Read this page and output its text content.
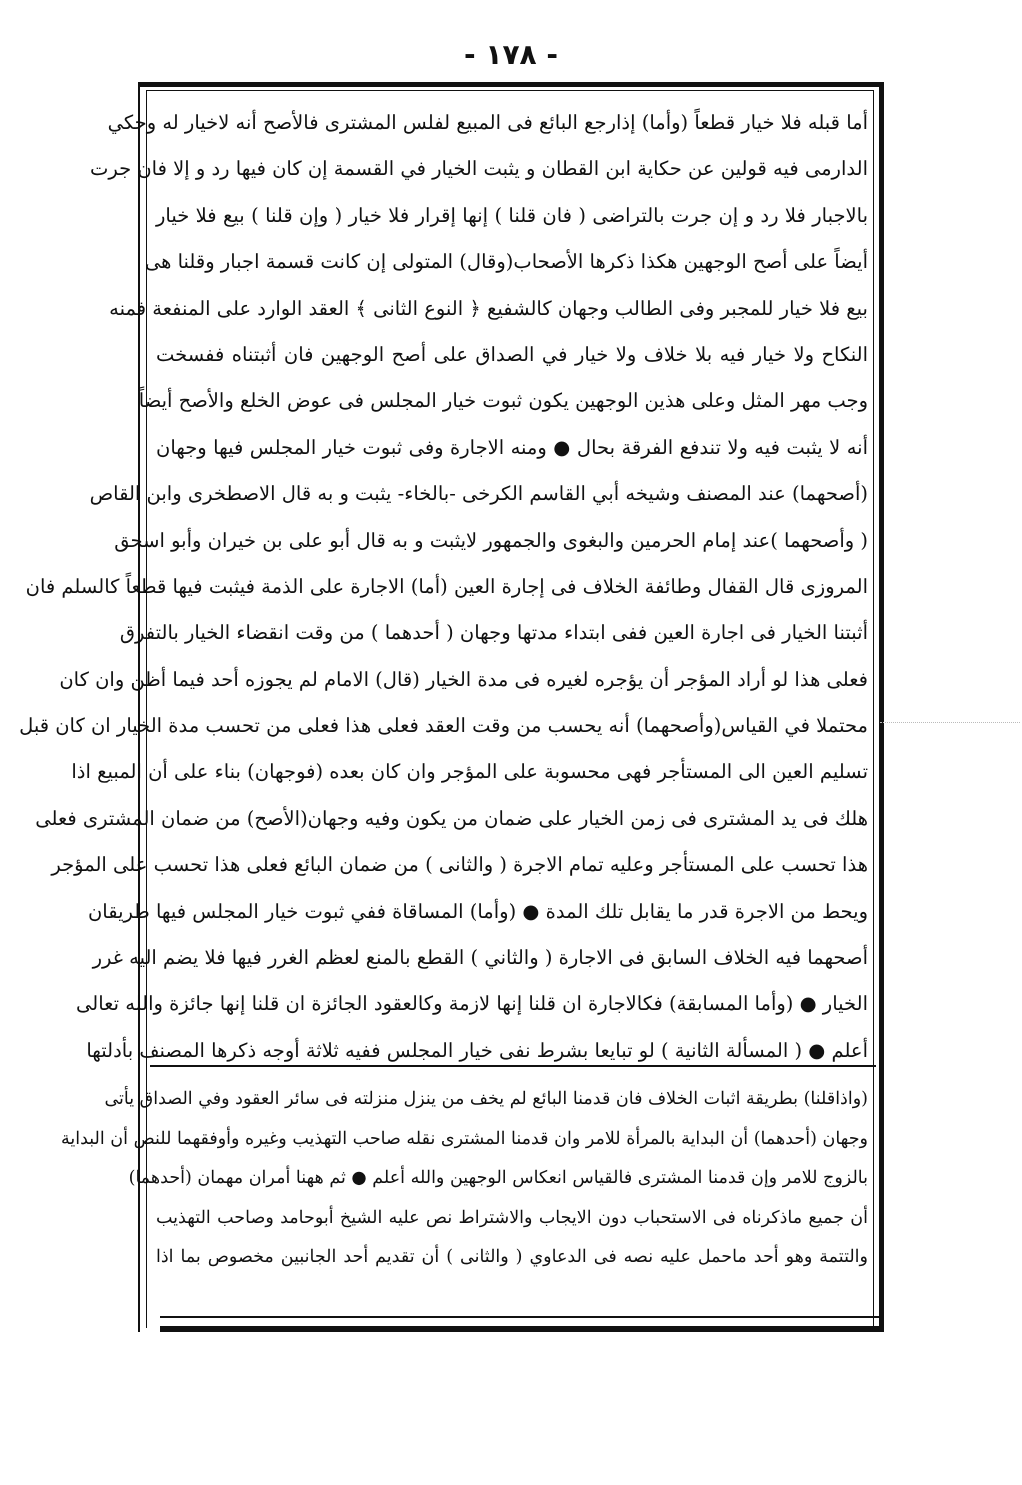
- ١٧٨ -
أما قبله فلا خيار قطعاً (وأما) إذارجع البائع فى المبيع لفلس المشترى فالأصح أنه لاخيار له وحكي
الدارمى فيه قولين عن حكاية ابن القطان و يثبت الخيار في القسمة إن كان فيها رد و إلا فان جرت
بالاجبار فلا رد و إن جرت بالتراضى ( فان قلنا ) إنها إقرار فلا خيار ( وإن قلنا ) بيع فلا خيار
أيضاً على أصح الوجهين هكذا ذكرها الأصحاب(وقال) المتولى إن كانت قسمة اجبار وقلنا هى
بيع فلا خيار للمجبر وفى الطالب وجهان كالشفيع ﴿ النوع الثانى ﴾ العقد الوارد على المنفعة فمنه
النكاح ولا خيار فيه بلا خلاف ولا خيار في الصداق على أصح الوجهين فان أثبتناه ففسخت
وجب مهر المثل وعلى هذين الوجهين يكون ثبوت خيار المجلس فى عوض الخلع والأصح أيضاً
أنه لا يثبت فيه ولا تندفع الفرقة بحال ● ومنه الاجارة وفى ثبوت خيار المجلس فيها وجهان
(أصحهما) عند المصنف وشيخه أبي القاسم الكرخى -بالخاء- يثبت و به قال الاصطخرى وابن القاص
( وأصحهما )عند إمام الحرمين والبغوى والجمهور لايثبت و به قال أبو على بن خيران وأبو اسحق
المروزى قال القفال وطائفة الخلاف فى إجارة العين (أما) الاجارة على الذمة فيثبت فيها قطعاً كالسلم فان
أثبتنا الخيار فى اجارة العين ففى ابتداء مدتها وجهان ( أحدهما ) من وقت انقضاء الخيار بالتفرق
فعلى هذا لو أراد المؤجر أن يؤجره لغيره فى مدة الخيار (قال) الامام لم يجوزه أحد فيما أظن وان كان
محتملا في القياس(وأصحهما) أنه يحسب من وقت العقد فعلى هذا فعلى من تحسب مدة الخيار ان كان قبل
تسليم العين الى المستأجر فهى محسوبة على المؤجر وان كان بعده (فوجهان) بناء على أن المبيع اذا
هلك فى يد المشترى فى زمن الخيار على ضمان من يكون وفيه وجهان(الأصح) من ضمان المشترى فعلى
هذا تحسب على المستأجر وعليه تمام الاجرة ( والثانى ) من ضمان البائع فعلى هذا تحسب على المؤجر
ويحط من الاجرة قدر ما يقابل تلك المدة ● (وأما) المساقاة ففي ثبوت خيار المجلس فيها طريقان
أصحهما فيه الخلاف السابق فى الاجارة ( والثاني ) القطع بالمنع لعظم الغرر فيها فلا يضم اليه غرر
الخيار ● (وأما المسابقة) فكالاجارة ان قلنا إنها لازمة وكالعقود الجائزة ان قلنا إنها جائزة والله تعالى
أعلم ● ( المسألة الثانية ) لو تبايعا بشرط نفى خيار المجلس ففيه ثلاثة أوجه ذكرها المصنف بأدلتها
(واذاقلنا) بطريقة اثبات الخلاف فان قدمنا البائع لم يخف من ينزل منزلته فى سائر العقود وفي الصداق يأتى
وجهان (أحدهما) أن البداية بالمرأة للامر وان قدمنا المشترى نقله صاحب التهذيب وغيره وأوفقهما للنص أن البداية
بالزوج للامر وإن قدمنا المشترى فالقياس انعكاس الوجهين والله أعلم ● ثم ههنا أمران مهمان (أحدهما)
أن جميع ماذكرناه فى الاستحباب دون الايجاب والاشتراط نص عليه الشيخ أبوحامد وصاحب التهذيب
والتتمة وهو أحد ماحمل عليه نصه فى الدعاوي ( والثانى ) أن تقديم أحد الجانبين مخصوص بما اذا
